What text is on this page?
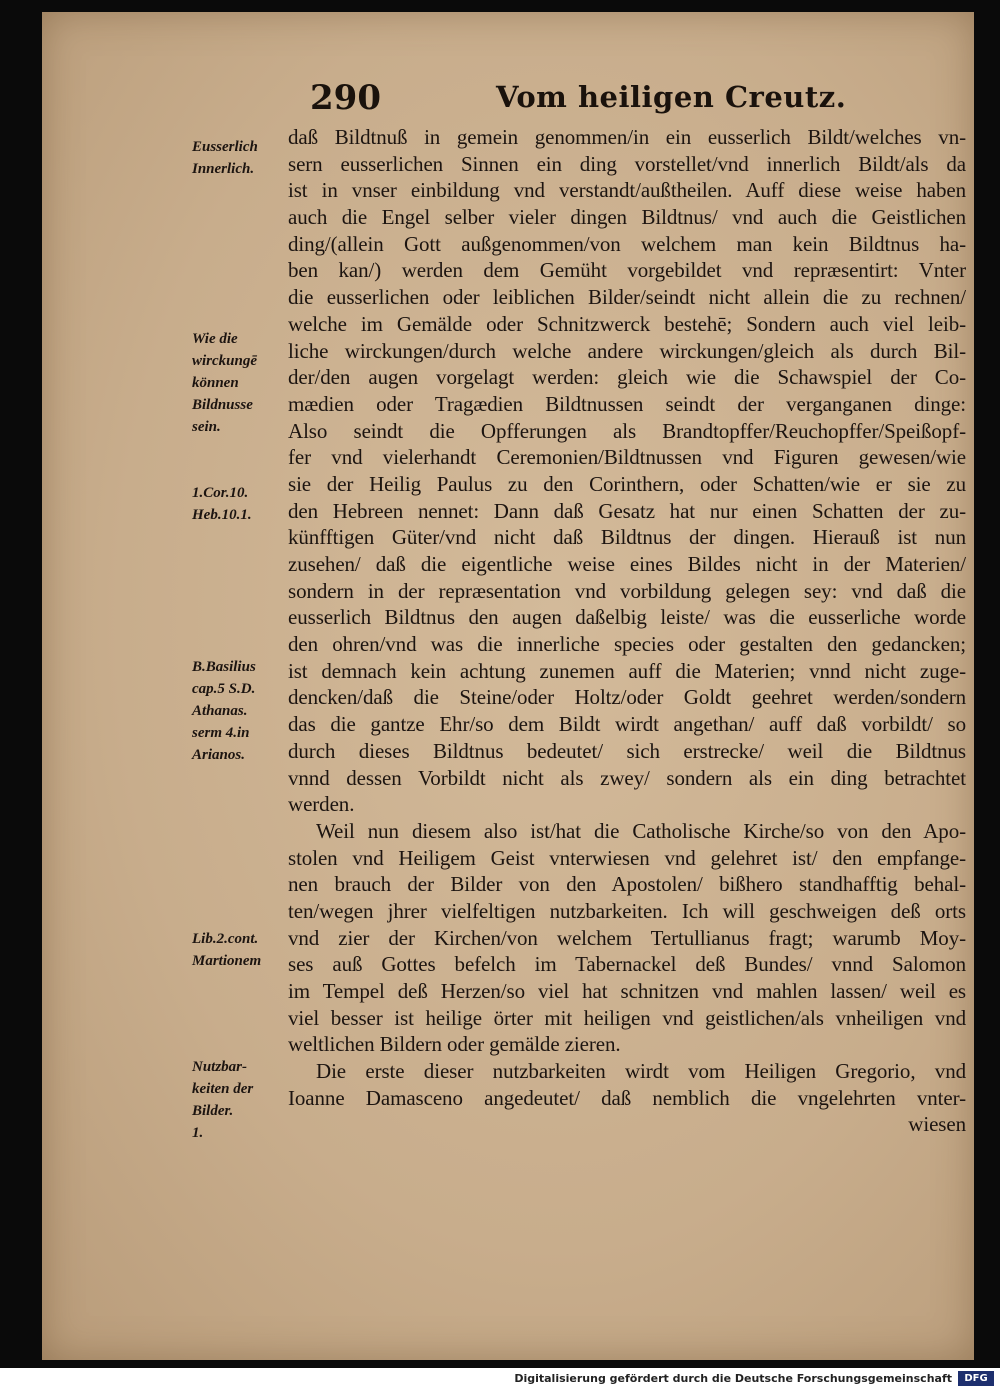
290	Vom heiligen Creutz.
Eusserlich
Innerlich.
Wie die
wirckungē
können
Bildnusse
sein.
1.Cor.10.
Heb.10.1.
B.Basilius
cap.5 S.D.
Athanas.
serm 4.in
Arianos.
Lib.2.cont.
Martionem
Nutzbar-
keiten der
Bilder.
1.
daß Bildtnuß in gemein genommen/in ein eusserlich Bildt/welches vn-
sern eusserlichen Sinnen ein ding vorstellet/vnd innerlich Bildt/als da
ist in vnser einbildung vnd verstandt/außtheilen. Auff diese weise haben
auch die Engel selber vieler dingen Bildtnus/ vnd auch die Geistlichen
ding/(allein Gott außgenommen/von welchem man kein Bildtnus ha-
ben kan/) werden dem Gemüht vorgebildet vnd repræsentirt: Vnter
die eusserlichen oder leiblichen Bilder/seindt nicht allein die zu rechnen/
welche im Gemälde oder Schnitzwerck bestehē; Sondern auch viel leib-
liche wirckungen/durch welche andere wirckungen/gleich als durch Bil-
der/den augen vorgelagt werden: gleich wie die Schawspiel der Co-
mædien oder Tragædien Bildtnussen seindt der verganganen dinge:
Also seindt die Opfferungen als Brandtopffer/Reuchopffer/Speißopf-
fer vnd vielerhandt Ceremonien/Bildtnussen vnd Figuren gewesen/wie
sie der Heilig Paulus zu den Corinthern, oder Schatten/wie er sie zu
den Hebreen nennet: Dann daß Gesatz hat nur einen Schatten der zu-
künfftigen Güter/vnd nicht daß Bildtnus der dingen. Hierauß ist nun
zusehen/ daß die eigentliche weise eines Bildes nicht in der Materien/
sondern in der repræsentation vnd vorbildung gelegen sey: vnd daß die
eusserlich Bildtnus den augen daßelbig leiste/ was die eusserliche worde
den ohren/vnd was die innerliche species oder gestalten den gedancken;
ist demnach kein achtung zunemen auff die Materien; vnnd nicht zuge-
dencken/daß die Steine/oder Holtz/oder Goldt geehret werden/sondern
das die gantze Ehr/so dem Bildt wirdt angethan/ auff daß vorbildt/ so
durch dieses Bildtnus bedeutet/ sich erstrecke/ weil die Bildtnus
vnnd dessen Vorbildt nicht als zwey/ sondern als ein ding betrachtet
werden.
Weil nun diesem also ist/hat die Catholische Kirche/so von den Apo-
stolen vnd Heiligem Geist vnterwiesen vnd gelehret ist/ den empfange-
nen brauch der Bilder von den Apostolen/ bißhero standhafftig behal-
ten/wegen jhrer vielfeltigen nutzbarkeiten. Ich will geschweigen deß orts
vnd zier der Kirchen/von welchem Tertullianus fragt; warumb Moy-
ses auß Gottes befelch im Tabernackel deß Bundes/ vnnd Salomon
im Tempel deß Herzen/so viel hat schnitzen vnd mahlen lassen/ weil es
viel besser ist heilige örter mit heiligen vnd geistlichen/als vnheiligen vnd
weltlichen Bildern oder gemälde zieren.
Die erste dieser nutzbarkeiten wirdt vom Heiligen Gregorio, vnd
Ioanne Damasceno angedeutet/ daß nemblich die vngelehrten vnter-
wiesen
Digitalisierung gefördert durch die Deutsche Forschungsgemeinschaft	DFG
